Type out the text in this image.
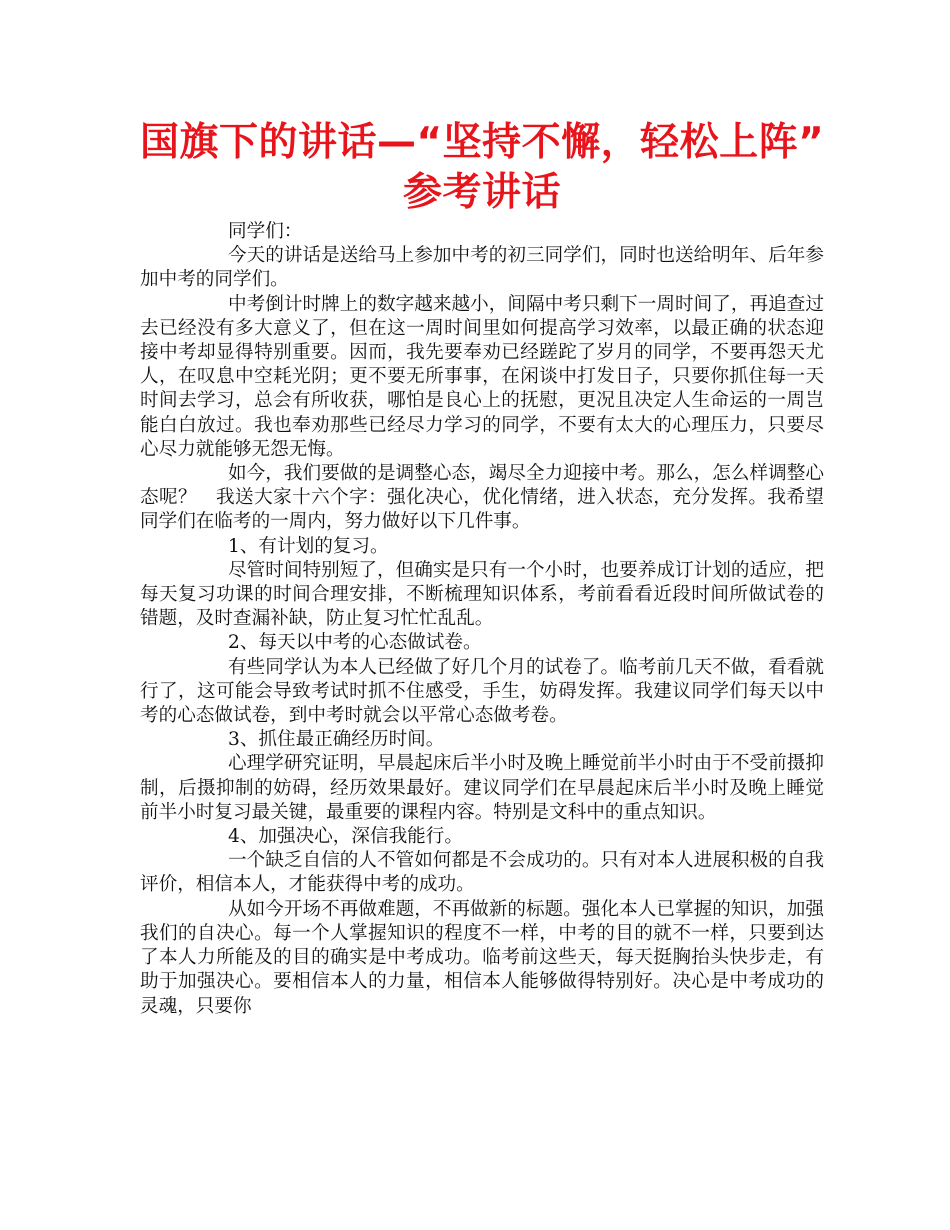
国旗下的讲话—“坚持不懈，轻松上阵”
参考讲话

同学们：

今天的讲话是送给马上参加中考的初三同学们，同时也送给明年、后年参加中考的同学们。

中考倒计时牌上的数字越来越小，间隔中考只剩下一周时间了，再追查过去已经没有多大意义了，但在这一周时间里如何提高学习效率，以最正确的状态迎接中考却显得特别重要。因而，我先要奉劝已经蹉跎了岁月的同学，不要再怨天尤人，在叹息中空耗光阴；更不要无所事事，在闲谈中打发日子，只要你抓住每一天时间去学习，总会有所收获，哪怕是良心上的抚慰，更况且决定人生命运的一周岂能白白放过。我也奉劝那些已经尽力学习的同学，不要有太大的心理压力，只要尽心尽力就能够无怨无悔。

如今，我们要做的是调整心态，竭尽全力迎接中考。那么，怎么样调整心态呢？　我送大家十六个字：强化决心，优化情绪，进入状态，充分发挥。我希望同学们在临考的一周内，努力做好以下几件事。

1、有计划的复习。

尽管时间特别短了，但确实是只有一个小时，也要养成订计划的适应，把每天复习功课的时间合理安排，不断梳理知识体系，考前看看近段时间所做试卷的错题，及时查漏补缺，防止复习忙忙乱乱。

2、每天以中考的心态做试卷。

有些同学认为本人已经做了好几个月的试卷了。临考前几天不做，看看就行了，这可能会导致考试时抓不住感受，手生，妨碍发挥。我建议同学们每天以中考的心态做试卷，到中考时就会以平常心态做考卷。

3、抓住最正确经历时间。

心理学研究证明，早晨起床后半小时及晚上睡觉前半小时由于不受前摄抑制，后摄抑制的妨碍，经历效果最好。建议同学们在早晨起床后半小时及晚上睡觉前半小时复习最关键，最重要的课程内容。特别是文科中的重点知识。

4、加强决心，深信我能行。

一个缺乏自信的人不管如何都是不会成功的。只有对本人进展积极的自我评价，相信本人，才能获得中考的成功。

从如今开场不再做难题，不再做新的标题。强化本人已掌握的知识，加强我们的自决心。每一个人掌握知识的程度不一样，中考的目的就不一样，只要到达了本人力所能及的目的确实是中考成功。临考前这些天，每天挺胸抬头快步走，有助于加强决心。要相信本人的力量，相信本人能够做得特别好。决心是中考成功的灵魂，只要你
